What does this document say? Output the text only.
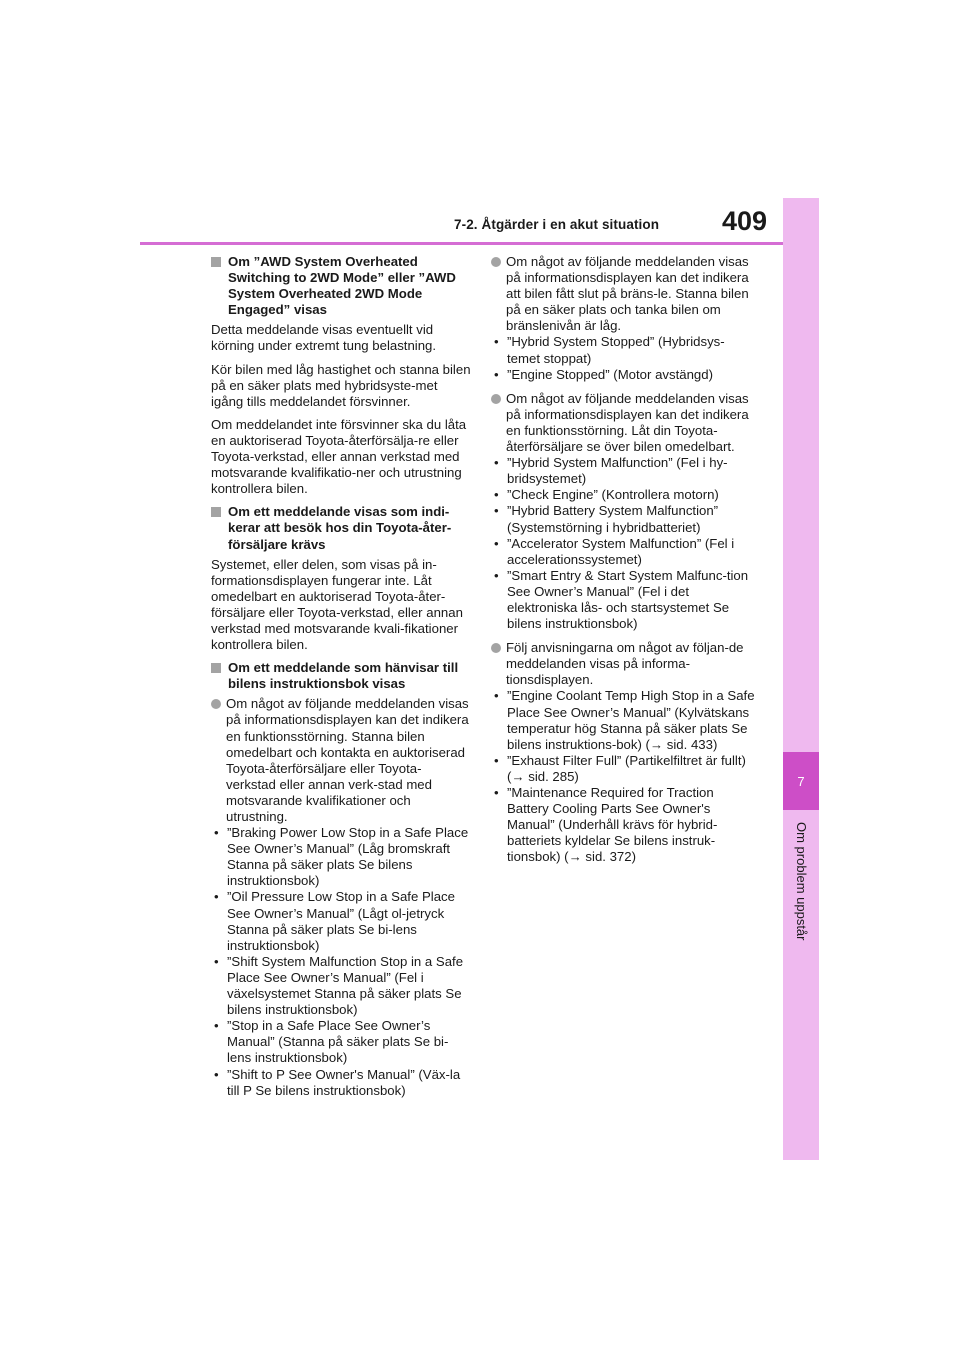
7-2. Åtgärder i en akut situation 409
7
Om problem uppstår
Om ”AWD System Overheated Switching to 2WD Mode” eller ”AWD System Overheated 2WD Mode Engaged” visas

Detta meddelande visas eventuellt vid körning under extremt tung belastning.

Kör bilen med låg hastighet och stanna bilen på en säker plats med hybridsyste-met igång tills meddelandet försvinner.

Om meddelandet inte försvinner ska du låta en auktoriserad Toyota-återförsälja-re eller Toyota-verkstad, eller annan verkstad med motsvarande kvalifikatio-ner och utrustning kontrollera bilen.

Om ett meddelande visas som indi-kerar att besök hos din Toyota-åter-försäljare krävs

Systemet, eller delen, som visas på in-formationsdisplayen fungerar inte. Låt omedelbart en auktoriserad Toyota-åter-försäljare eller Toyota-verkstad, eller annan verkstad med motsvarande kvali-fikationer kontrollera bilen.

Om ett meddelande som hänvisar till bilens instruktionsbok visas
Om något av följande meddelanden visas på informationsdisplayen kan det indikera en funktionsstörning. Stanna bilen omedelbart och kontakta en auktoriserad Toyota-återförsäljare eller Toyota-verkstad eller annan verk-stad med motsvarande kvalifikationer och utrustning.
• ”Braking Power Low Stop in a Safe Place See Owner’s Manual” (Låg bromskraft Stanna på säker plats Se bilens instruktionsbok)
• ”Oil Pressure Low Stop in a Safe Place See Owner’s Manual” (Lågt ol-jetryck Stanna på säker plats Se bi-lens instruktionsbok)
• ”Shift System Malfunction Stop in a Safe Place See Owner’s Manual” (Fel i växelsystemet Stanna på säker plats Se bilens instruktionsbok)
• ”Stop in a Safe Place See Owner’s Manual” (Stanna på säker plats Se bi-lens instruktionsbok)
• ”Shift to P See Owner's Manual” (Väx-la till P Se bilens instruktionsbok)
Om något av följande meddelanden visas på informationsdisplayen kan det indikera att bilen fått slut på bräns-le. Stanna bilen på en säker plats och tanka bilen om bränslenivån är låg.
• ”Hybrid System Stopped” (Hybridsys-temet stoppat)
• ”Engine Stopped” (Motor avstängd)
Om något av följande meddelanden visas på informationsdisplayen kan det indikera en funktionsstörning. Låt din Toyota-återförsäljare se över bilen omedelbart.
• ”Hybrid System Malfunction” (Fel i hy-bridsystemet)
• ”Check Engine” (Kontrollera motorn)
• ”Hybrid Battery System Malfunction” (Systemstörning i hybridbatteriet)
• ”Accelerator System Malfunction” (Fel i accelerationssystemet)
• ”Smart Entry & Start System Malfunc-tion See Owner’s Manual” (Fel i det elektroniska lås- och startsystemet Se bilens instruktionsbok)
Följ anvisningarna om något av följan-de meddelanden visas på informa-tionsdisplayen.
• ”Engine Coolant Temp High Stop in a Safe Place See Owner’s Manual” (Kylvätskans temperatur hög Stanna på säker plats Se bilens instruktions-bok) (→ sid. 433)
• ”Exhaust Filter Full” (Partikelfiltret är fullt) (→ sid. 285)
• ”Maintenance Required for Traction Battery Cooling Parts See Owner's Manual” (Underhåll krävs för hybrid-batteriets kyldelar Se bilens instruk-tionsbok) (→ sid. 372)
